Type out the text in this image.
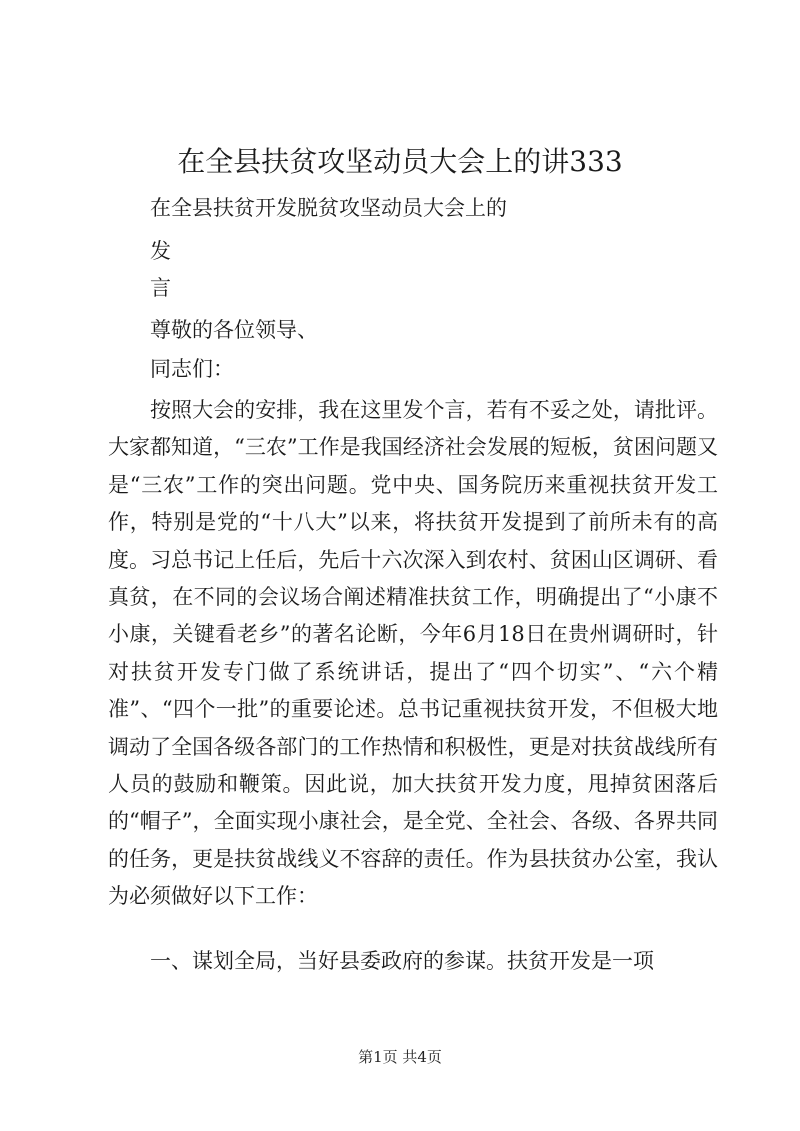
在全县扶贫攻坚动员大会上的讲333
在全县扶贫开发脱贫攻坚动员大会上的
发
言
尊敬的各位领导、
同志们：

按照大会的安排，我在这里发个言，若有不妥之处，请批评。大家都知道，“三农”工作是我国经济社会发展的短板，贫困问题又是“三农”工作的突出问题。党中央、国务院历来重视扶贫开发工作，特别是党的“十八大”以来，将扶贫开发提到了前所未有的高度。习总书记上任后，先后十六次深入到农村、贫困山区调研、看真贫，在不同的会议场合阐述精准扶贫工作，明确提出了“小康不小康，关键看老乡”的著名论断，今年6月18日在贵州调研时，针对扶贫开发专门做了系统讲话，提出了“四个切实”、“六个精准”、“四个一批”的重要论述。总书记重视扶贫开发，不但极大地调动了全国各级各部门的工作热情和积极性，更是对扶贫战线所有人员的鼓励和鞭策。因此说，加大扶贫开发力度，甩掉贫困落后的“帽子”，全面实现小康社会，是全党、全社会、各级、各界共同的任务，更是扶贫战线义不容辞的责任。作为县扶贫办公室，我认为必须做好以下工作：

一、谋划全局，当好县委政府的参谋。扶贫开发是一项

第1页 共4页
